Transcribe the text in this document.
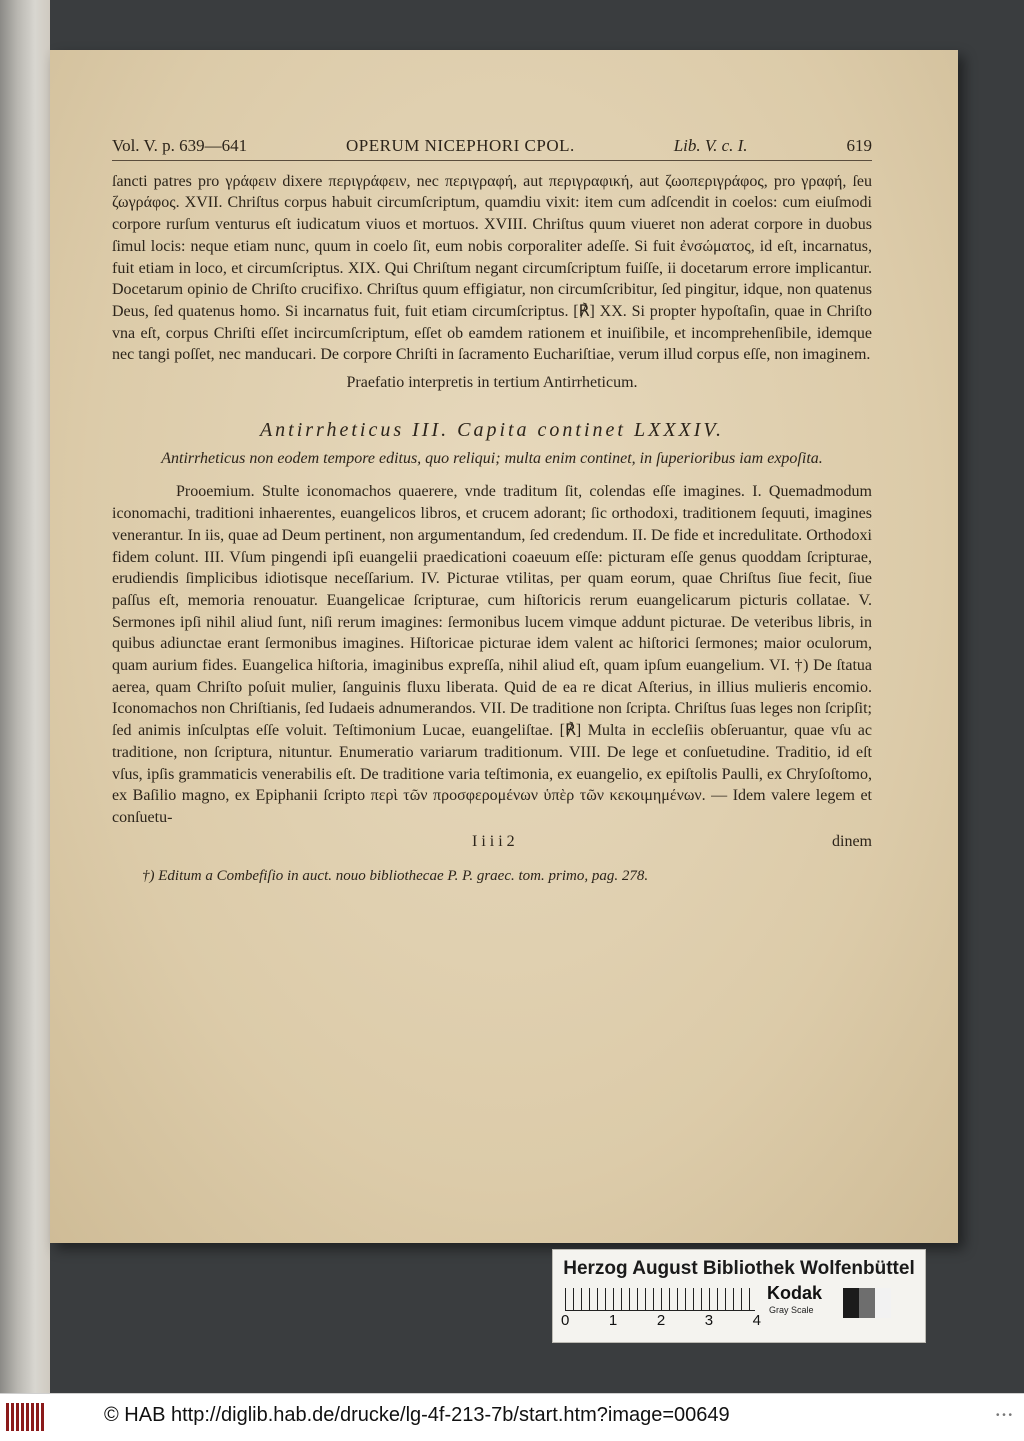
Vol. V. p. 639—641	OPERUM NICEPHORI CPOL.	Lib. V. c. I.	619

ſancti patres pro γράφειν dixere περιγράφειν, nec περιγραφή, aut περιγραφική, aut ζωοπεριγράφος, pro γραφή, ſeu ζωγράφος. XVII. Chriſtus corpus habuit circumſcriptum, quamdiu vixit: item cum adſcendit in coelos: cum eiuſmodi corpore rurſum venturus eſt iudicatum viuos et mortuos. XVIII. Chriſtus quum viueret non aderat corpore in duobus ſimul locis: neque etiam nunc, quum in coelo ſit, eum nobis corporaliter adeſſe. Si fuit ἐνσώματος, id eſt, incarnatus, fuit etiam in loco, et circumſcriptus. XIX. Qui Chriſtum negant circumſcriptum fuiſſe, ii docetarum errore implicantur. Docetarum opinio de Chriſto crucifixo. Chriſtus quum effigiatur, non circumſcribitur, ſed pingitur, idque, non quatenus Deus, ſed quatenus homo. Si incarnatus fuit, fuit etiam circumſcriptus. [℟] XX. Si propter hypoſtaſin, quae in Chriſto vna eſt, corpus Chriſti eſſet incircumſcriptum, eſſet ob eamdem rationem et inuiſibile, et incomprehenſibile, idemque nec tangi poſſet, nec manducari. De corpore Chriſti in ſacramento Euchariſtiae, verum illud corpus eſſe, non imaginem.

Praefatio interpretis in tertium Antirrheticum.

Antirrheticus III. Capita continet LXXXIV.
Antirrheticus non eodem tempore editus, quo reliqui; multa enim continet, in ſuperioribus iam expoſita.

Prooemium. Stulte iconomachos quaerere, vnde traditum ſit, colendas eſſe imagines. I. Quemadmodum iconomachi, traditioni inhaerentes, euangelicos libros, et crucem adorant; ſic orthodoxi, traditionem ſequuti, imagines venerantur. In iis, quae ad Deum pertinent, non argumentandum, ſed credendum. II. De fide et incredulitate. Orthodoxi fidem colunt. III. Vſum pingendi ipſi euangelii praedicationi coaeuum eſſe: picturam eſſe genus quoddam ſcripturae, erudiendis ſimplicibus idiotisque neceſſarium. IV. Picturae vtilitas, per quam eorum, quae Chriſtus ſiue fecit, ſiue paſſus eſt, memoria renouatur. Euangelicae ſcripturae, cum hiſtoricis rerum euangelicarum picturis collatae. V. Sermones ipſi nihil aliud ſunt, niſi rerum imagines: ſermonibus lucem vimque addunt picturae. De veteribus libris, in quibus adiunctae erant ſermonibus imagines. Hiſtoricae picturae idem valent ac hiſtorici ſermones; maior oculorum, quam aurium fides. Euangelica hiſtoria, imaginibus expreſſa, nihil aliud eſt, quam ipſum euangelium. VI. †) De ſtatua aerea, quam Chriſto poſuit mulier, ſanguinis fluxu liberata. Quid de ea re dicat Aſterius, in illius mulieris encomio. Iconomachos non Chriſtianis, ſed Iudaeis adnumerandos. VII. De traditione non ſcripta. Chriſtus ſuas leges non ſcripſit; ſed animis inſculptas eſſe voluit. Teſtimonium Lucae, euangeliſtae. [℟] Multa in eccleſiis obſeruantur, quae vſu ac traditione, non ſcriptura, nituntur. Enumeratio variarum traditionum. VIII. De lege et conſuetudine. Traditio, id eſt vſus, ipſis grammaticis venerabilis eſt. De traditione varia teſtimonia, ex euangelio, ex epiſtolis Paulli, ex Chryſoſtomo, ex Baſilio magno, ex Epiphanii ſcripto περὶ τῶν προσφερομένων ὑπὲρ τῶν κεκοιμημένων. — Idem valere legem et conſuetu-

I i i i 2	dinem
†) Editum a Combefiſio in auct. nouo bibliothecae P. P. graec. tom. primo, pag. 278.
Herzog August Bibliothek Wolfenbüttel
0	1	2	3	4
Kodak
Gray Scale
© HAB http://diglib.hab.de/drucke/lg-4f-213-7b/start.htm?image=00649	• • •
